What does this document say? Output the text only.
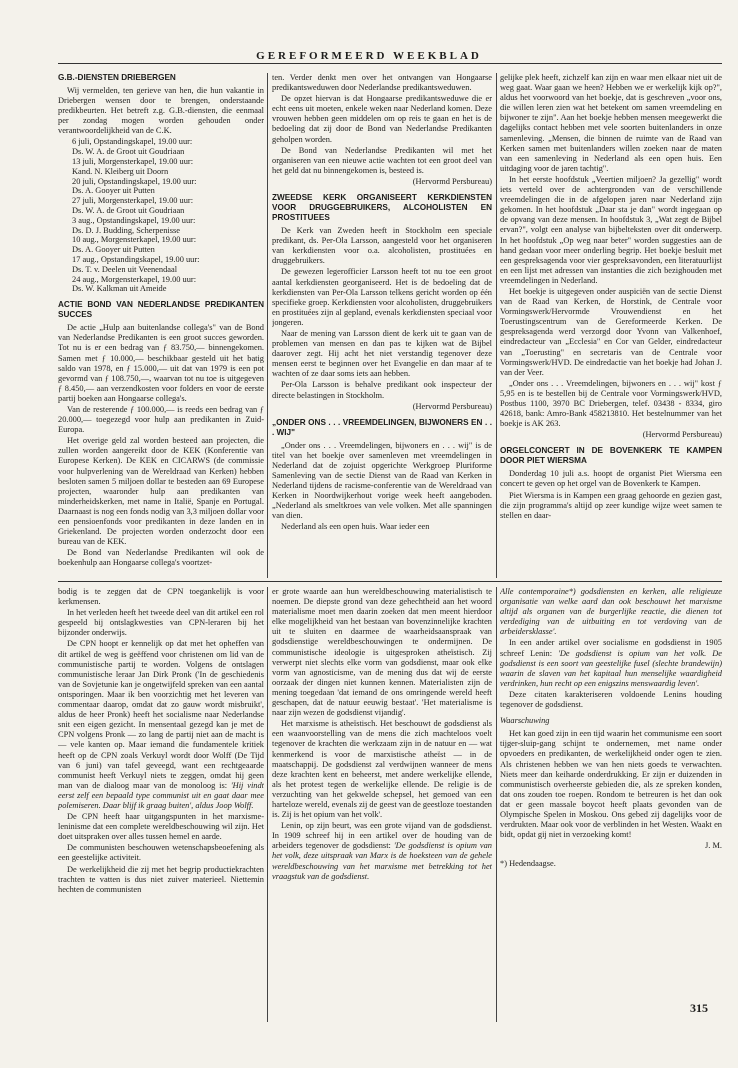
GEREFORMEERD WEEKBLAD
G.B.-DIENSTEN DRIEBERGEN

Wij vermelden, ten gerieve van hen, die hun vakantie in Driebergen wensen door te brengen, onderstaande predikbeurten. Het betreft z.g. G.B.-diensten, die eenmaal per zondag mogen worden gehouden onder verantwoordelijkheid van de C.K.

6 juli, Opstandingskapel, 19.00 uur:
Ds. W. A. de Groot uit Goudriaan
13 juli, Morgensterkapel, 19.00 uur:
Kand. N. Kleiberg uit Doorn
20 juli, Opstandingskapel, 19.00 uur:
Ds. A. Gooyer uit Putten
27 juli, Morgensterkapel, 19.00 uur:
Ds. W. A. de Groot uit Goudriaan
3 aug., Opstandingskapel, 19.00 uur:
Ds. D. J. Budding, Scherpenisse
10 aug., Morgensterkapel, 19.00 uur:
Ds. A. Gooyer uit Putten
17 aug., Opstandingskapel, 19.00 uur:
Ds. T. v. Deelen uit Veenendaal
24 aug., Morgensterkapel, 19.00 uur:
Ds. W. Kalkman uit Ameide
ACTIE BOND VAN NEDERLANDSE PREDIKANTEN SUCCES

De actie „Hulp aan buitenlandse collega's" van de Bond van Nederlandse Predikanten is een groot succes geworden. Tot nu is er een bedrag van ƒ 83.750,— binnengekomen. Samen met ƒ 10.000,— beschikbaar gesteld uit het batig saldo van 1978, en ƒ 15.000,— uit dat van 1979 is een pot gevormd van ƒ 108.750,—, waarvan tot nu toe is uitgegeven ƒ 8.450,— aan verzendkosten voor folders en voor de eerste partij boeken aan Hongaarse collega's.

Van de resterende ƒ 100.000,— is reeds een bedrag van ƒ 20.000,— toegezegd voor hulp aan predikanten in Zuid-Europa.

Het overige geld zal worden besteed aan projecten, die zullen worden aangereikt door de KEK (Konferentie van Europese Kerken). De KEK en CICARWS (de commissie voor hulpverlening van de Wereldraad van Kerken) hebben besloten samen 5 miljoen dollar te besteden aan 69 Europese projecten, waaronder hulp aan predikanten van minderheidskerken, met name in Italië, Spanje en Portugal. Daarnaast is nog een fonds nodig van 3,3 miljoen dollar voor een pensioenfonds voor predikanten in deze landen en in Griekenland. De projecten worden onderzocht door een bureau van de KEK.

De Bond van Nederlandse Predikanten wil ook de boekenhulp aan Hongaarse collega's voortzet-

ten. Verder denkt men over het ontvangen van Hongaarse predikantsweduwen door Nederlandse predikantsweduwen.

De opzet hiervan is dat Hongaarse predikantsweduwe die er echt eens uit moeten, enkele weken naar Nederland komen. Deze vrouwen hebben geen middelen om op reis te gaan en het is de bedoeling dat zij door de Bond van Nederlandse Predikanten geholpen worden.

De Bond van Nederlandse Predikanten wil met het organiseren van een nieuwe actie wachten tot een groot deel van het geld dat nu binnengekomen is, besteed is.

(Hervormd Persbureau)

ZWEEDSE KERK ORGANISEERT KERKDIENSTEN VOOR DRUGGEBRUIKERS, ALCOHOLISTEN EN PROSTITUEES

De Kerk van Zweden heeft in Stockholm een speciale predikant, ds. Per-Ola Larsson, aangesteld voor het organiseren van kerkdiensten voor o.a. alcoholisten, prostituées en druggebruikers.

De gewezen legerofficier Larsson heeft tot nu toe een groot aantal kerkdiensten georganiseerd. Het is de bedoeling dat de kerkdiensten van Per-Ola Larsson telkens gericht worden op één specifieke groep. Kerkdiensten voor alcoholisten, druggebruikers en prostituées zijn al gepland, evenals kerkdiensten speciaal voor jongeren.

Naar de mening van Larsson dient de kerk uit te gaan van de problemen van mensen en dan pas te kijken wat de Bijbel daarover zegt. Hij acht het niet verstandig tegenover deze mensen eerst te beginnen over het Evangelie en dan maar af te wachten of ze daar soms iets aan hebben.

Per-Ola Larsson is behalve predikant ook inspecteur der directe belastingen in Stockholm.

(Hervormd Persbureau)

„ONDER ONS . . . VREEMDELINGEN, BIJWONERS EN . . . WIJ"

„Onder ons . . . Vreemdelingen, bijwoners en . . . wij" is de titel van het boekje over samenleven met vreemdelingen in Nederland dat de zojuist opgerichte Werkgroep Pluriforme Samenleving van de sectie Dienst van de Raad van Kerken in Nederland tijdens de racisme-conferentie van de Wereldraad van Kerken in Noordwijkerhout vorige week heeft aangeboden. „Nederland als smeltkroes van vele volken. Met alle spanningen van dien.

Nederland als een open huis. Waar ieder een

gelijke plek heeft, zichzelf kan zijn en waar men elkaar niet uit de weg gaat. Waar gaan we heen? Hebben we er werkelijk kijk op?", aldus het voorwoord van het boekje, dat is geschreven „voor ons, die willen leren zien wat het betekent om samen vreemdeling en bijwoner te zijn". Aan het boekje hebben mensen meegewerkt die dagelijks contact hebben met vele soorten buitenlanders in onze samenleving. „Mensen, die binnen de ruimte van de Raad van Kerken samen met buitenlanders willen zoeken naar de maten van een samenleving in Nederland als een open huis. Een uitdaging voor de jaren tachtig".

In het eerste hoofdstuk „Veertien miljoen? Ja gezellig" wordt iets verteld over de achtergronden van de verschillende vreemdelingen die in de afgelopen jaren naar Nederland zijn gekomen. In het hoofdstuk „Daar sta je dan" wordt ingegaan op de opvang van deze mensen. In hoofdstuk 3, „Wat zegt de Bijbel ervan?", volgt een analyse van bijbelteksten over dit onderwerp. In het hoofdstuk „Op weg naar beter" worden suggesties aan de hand gedaan voor meer onderling begrip. Het boekje besluit met een gespreksagenda voor vier gespreksavonden, een literatuurlijst en een lijst met adressen van instanties die zich bezighouden met vreemdelingen in Nederland.

Het boekje is uitgegeven onder auspiciën van de sectie Dienst van de Raad van Kerken, de Horstink, de Centrale voor Vormingswerk/Hervormde Vrouwendienst en het Toerustingscentrum van de Gereformeerde Kerken. De gespreksagenda werd verzorgd door Yvonn van Valkenhoef, eindredacteur van „Ecclesia" en Cor van Gelder, eindredacteur van „Toerusting" en secretaris van de Centrale voor Vormingswerk/HVD. De eindredactie van het boekje had Johan J. van der Veer.

„Onder ons . . . Vreemdelingen, bijwoners en . . . wij" kost ƒ 5,95 en is te bestellen bij de Centrale voor Vormingswerk/HVD, Postbus 1100, 3970 BC Driebergen, telef. 03438 - 8334, giro 42618, bank: Amro-Bank 458213810. Het bestelnummer van het boekje is AK 263.

(Hervormd Persbureau)

ORGELCONCERT IN DE BOVENKERK TE KAMPEN DOOR PIET WIERSMA

Donderdag 10 juli a.s. hoopt de organist Piet Wiersma een concert te geven op het orgel van de Bovenkerk te Kampen.

Piet Wiersma is in Kampen een graag gehoorde en gezien gast, die zijn programma's altijd op zeer kundige wijze weet samen te stellen en daar-

bodig is te zeggen dat de CPN toegankelijk is voor kerkmensen.

In het verleden heeft het tweede deel van dit artikel een rol gespeeld bij ontslagkwesties van CPN-leraren bij het bijzonder onderwijs.

De CPN hoopt er kennelijk op dat met het opheffen van dit artikel de weg is geëffend voor christenen om lid van de communistische partij te worden. Volgens de ontslagen communistische leraar Jan Dirk Pronk ('In de geschiedenis van de Sovjetunie kan je ongetwijfeld spreken van een aantal ontsporingen. Maar ik ben voorzichtig met het leveren van commentaar daarop, omdat dat zo gauw wordt misbruikt', aldus de heer Pronk) heeft het socialisme naar Nederlandse snit een eigen gezicht. In mensentaal gezegd kan je met de CPN volgens Pronk — zo lang de partij niet aan de macht is — vele kanten op. Maar iemand die fundamentele kritiek heeft op de CPN zoals Verkuyl wordt door Wolff (De Tijd van 6 juni) van tafel geveegd, want een rechtgeaarde communist heeft Verkuyl niets te zeggen, omdat hij geen man van de dialoog maar van de monoloog is: 'Hij vindt eerst zelf een bepaald type communist uit en gaat daar mee polemiseren. Daar blijf ik graag buiten', aldus Joop Wolff.

De CPN heeft haar uitgangspunten in het marxisme-leninisme dat een complete wereldbeschouwing wil zijn. Het doet uitspraken over alles tussen hemel en aarde.

De communisten beschouwen wetenschapsbeoefening als een geestelijke activiteit.

De werkelijkheid die zij met het begrip productiekrachten trachten te vatten is dus niet zuiver materieel. Niettemin hechten de communisten

er grote waarde aan hun wereldbeschouwing materialistisch te noemen. De diepste grond van deze gehechtheid aan het woord materialisme moet men daarin zoeken dat men meent hierdoor elke mogelijkheid van het bestaan van bovenzinnelijke krachten uit te sluiten en daarmee de waarheidsaanspraak van godsdienstige wereldbeschouwingen te ondermijnen. De communistische ideologie is uitgesproken atheïstisch. Zij verwerpt niet slechts elke vorm van godsdienst, maar ook elke vorm van agnosticisme, van de mening dus dat wij de eerste oorzaak der dingen niet kunnen kennen. Materialisten zijn de mening toegedaan 'dat iemand de ons omringende wereld heeft geschapen, dat de natuur eeuwig bestaat'. 'Het materialisme is naar zijn wezen de godsdienst vijandig'.

Het marxisme is atheïstisch. Het beschouwt de godsdienst als een waanvoorstelling van de mens die zich machteloos voelt tegenover de krachten die werkzaam zijn in de natuur en — wat kenmerkend is voor de marxistische atheïst — in de maatschappij. De godsdienst zal verdwijnen wanneer de mens deze krachten kent en beheerst, met andere werkelijke ellende, als het protest tegen de werkelijke ellende. De religie is de verzuchting van het gekwelde schepsel, het gemoed van een harteloze wereld, evenals zij de geest van de geestloze toestanden is. Zij is het opium van het volk'.

Lenin, op zijn beurt, was een grote vijand van de godsdienst. In 1909 schreef hij in een artikel over de houding van de arbeiders tegenover de godsdienst: 'De godsdienst is opium van het volk, deze uitspraak van Marx is de hoeksteen van de gehele wereldbeschouwing van het marxisme met betrekking tot het vraagstuk van de godsdienst.

Alle contemporaine*) godsdiensten en kerken, alle religieuze organisatie van welke aard dan ook beschouwt het marxisme altijd als organen van de burgerlijke reactie, die dienen tot verdediging van de uitbuiting en tot verdoving van de arbeidersklasse'.

In een ander artikel over socialisme en godsdienst in 1905 schreef Lenin: 'De godsdienst is opium van het volk. De godsdienst is een soort van geestelijke fusel (slechte brandewijn) waarin de slaven van het kapitaal hun menselijke waardigheid verdrinken, hun recht op een enigszins menswaardig leven'.

Deze citaten karakteriseren voldoende Lenins houding tegenover de godsdienst.

Waarschuwing

Het kan goed zijn in een tijd waarin het communisme een soort tijger-sluip-gang schijnt te ondernemen, met name onder opvoeders en predikanten, de werkelijkheid onder ogen te zien. Als christenen hebben we van hen niets goeds te verwachten. Niets meer dan keiharde onderdrukking. Er zijn er duizenden in communistisch overheerste gebieden die, als ze spreken konden, dat ons zouden toe roepen. Rondom te betreuren is het dan ook dat er geen massale boycot heeft plaats gevonden van de Olympische Spelen in Moskou. Ons gebed zij dagelijks voor de verdrukten. Maar ook voor de verblinden in het Westen. Waakt en bidt, opdat gij niet in verzoeking komt!

J. M.

*) Hedendaagse.

315
